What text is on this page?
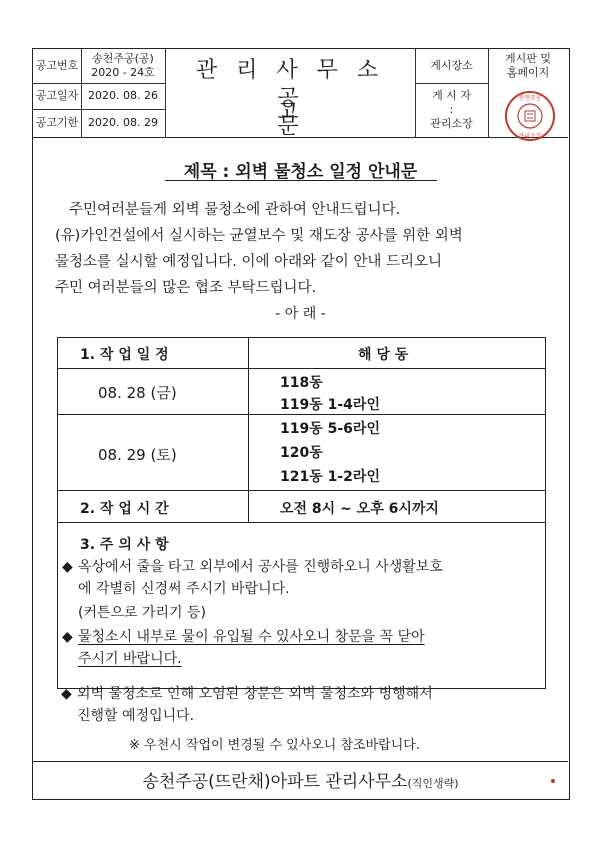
공고번호
송천주공(공)
2020 - 24호
공고일자 2020. 08. 26
공고기한 2020. 08. 29
관 리 사 무 소
공 고 문
게시장소
게시판 및
홈페이지
게 시 자
:
관리소장
송천주공
관리소장
제목 : 외벽 물청소 일정 안내문
주민여러분들게 외벽 물청소에 관하여 안내드립니다.
(유)가인건설에서 실시하는 균열보수 및 재도장 공사를 위한 외벽
물청소를 실시할 예정입니다. 이에 아래와 같이 안내 드리오니
주민 여러분들의 많은 협조 부탁드립니다.
- 아 래 -
1. 작 업 일 정	해 당 동
08. 28 (금)
118동
119동 1-4라인
08. 29 (토)
119동 5-6라인
120동
121동 1-2라인
2. 작 업 시 간	오전 8시 ~ 오후 6시까지
3. 주 의 사 항
◆ 옥상에서 줄을 타고 외부에서 공사를 진행하오니 사생활보호
에 각별히 신경써 주시기 바랍니다.
(커튼으로 가리기 등)
◆ 물청소시 내부로 물이 유입될 수 있사오니 창문을 꼭 닫아
주시기 바랍니다.
◆ 외벽 물청소로 인해 오염된 창문은 외벽 물청소와 병행해서
진행할 예정입니다.
※ 우천시 작업이 변경될 수 있사오니 참조바랍니다.
송천주공(뜨란채)아파트 관리사무소(직인생략)
